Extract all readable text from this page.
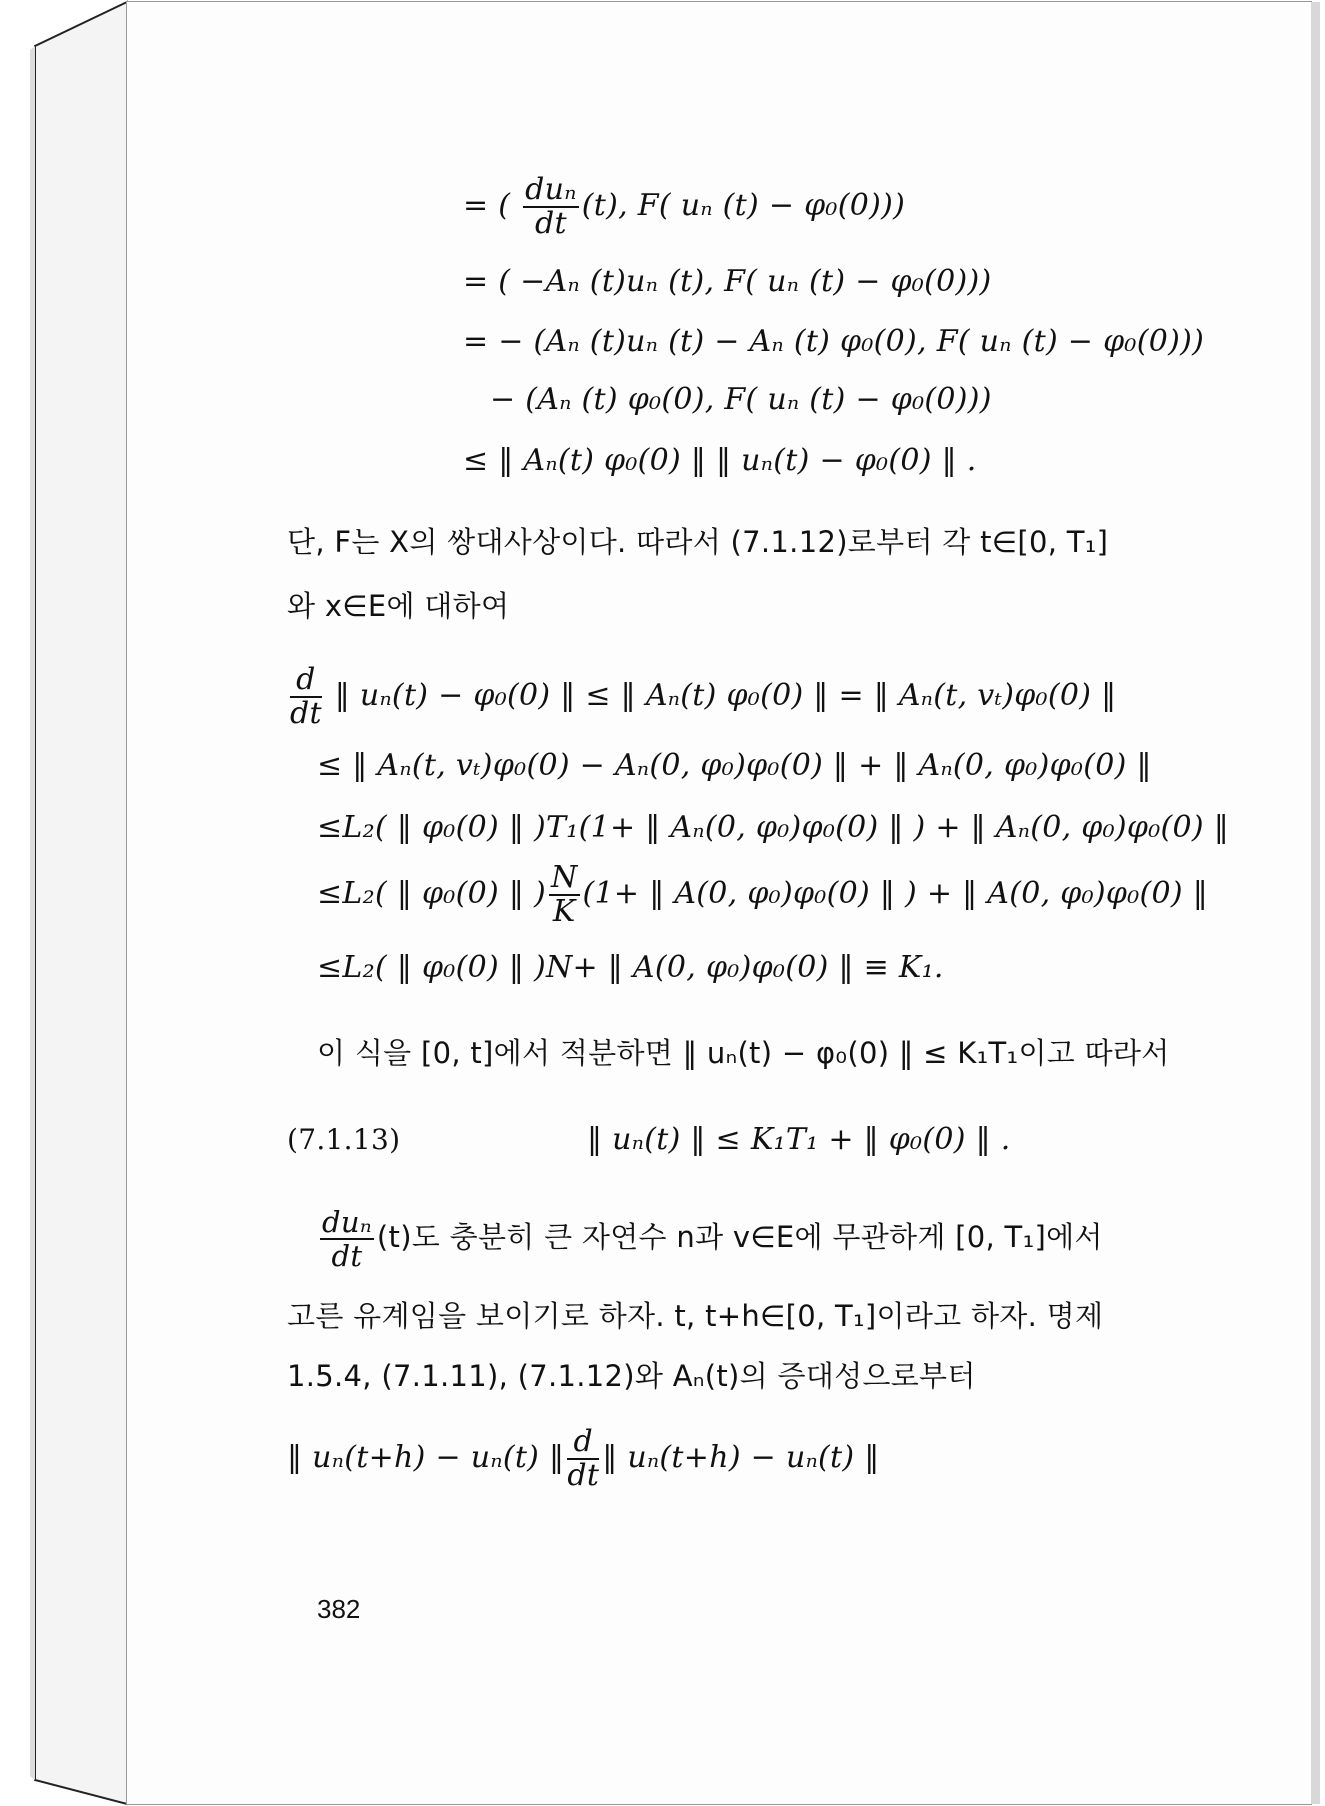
= ( $\frac{\text{duₙ}}{dt} (t)$, F( uₙ (t) − φ₀(0)))
= ( −Aₙ (t)uₙ (t), F( uₙ (t) − φ₀(0)))
= − (Aₙ (t)uₙ (t) − Aₙ (t) φ₀(0), F( uₙ (t) − φ₀(0)))
− (Aₙ (t) φ₀(0), F( uₙ (t) − φ₀(0)))
≤ ‖ Aₙ(t) φ₀(0) ‖ ‖ uₙ(t) − φ₀(0) ‖ .
단, F는 X의 쌍대사상이다. 따라서 (7.1.12)로부터 각 t∈[0, T₁]
와 x∈E에 대하여
$\frac{d}{dt}$ ‖ uₙ(t) − φ₀(0) ‖ ≤ ‖ Aₙ(t) φ₀(0) ‖ = ‖ Aₙ(t, vₜ)φ₀(0) ‖
≤ ‖ Aₙ(t, vₜ)φ₀(0) − Aₙ(0, φ₀)φ₀(0) ‖ + ‖ Aₙ(0, φ₀)φ₀(0) ‖
≤L₂( ‖ φ₀(0) ‖ )T₁(1+ ‖ Aₙ(0, φ₀)φ₀(0) ‖ ) + ‖ Aₙ(0, φ₀)φ₀(0) ‖
≤L₂( ‖ φ₀(0) ‖ ) $\frac{N}{K} (1+$ ‖ A(0, φ₀)φ₀(0) ‖ ) + ‖ A(0, φ₀)φ₀(0) ‖
≤L₂( ‖ φ₀(0) ‖ )N+ ‖ A(0, φ₀)φ₀(0) ‖ ≡ K₁.
이 식을 [0, t]에서 적분하면 ‖ uₙ(t) − φ₀(0) ‖ ≤ K₁T₁이고 따라서
(7.1.13)	‖ uₙ(t) ‖ ≤ K₁T₁ + ‖ φ₀(0) ‖ .
$\frac{\text{duₙ}}{dt} (t)$도 충분히 큰 자연수 n과 v∈E에 무관하게 [0, T₁]에서
고른 유계임을 보이기로 하자. t, t+h∈[0, T₁]이라고 하자. 명제
1.5.4, (7.1.11), (7.1.12)와 Aₙ(t)의 증대성으로부터
‖ uₙ(t+h) − uₙ(t) ‖ $\frac{d}{dt}$ ‖ uₙ(t+h) − uₙ(t) ‖
382
